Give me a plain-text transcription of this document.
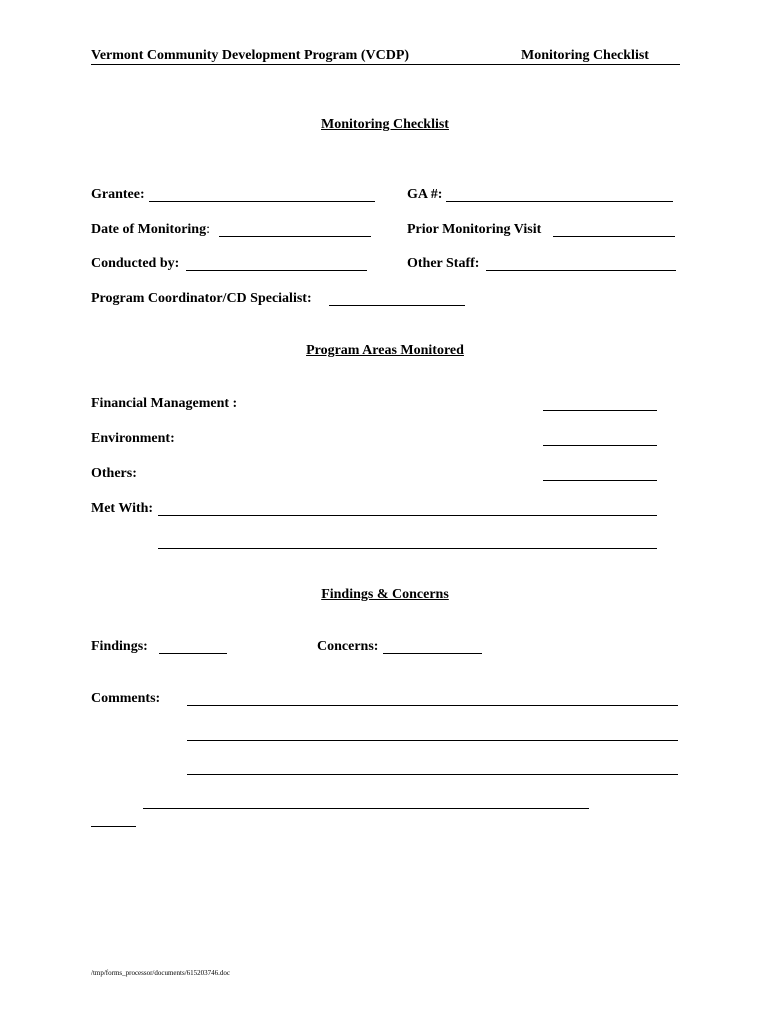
Vermont Community Development Program (VCDP)	Monitoring Checklist
Monitoring Checklist
Grantee:	GA #:
Date of Monitoring:	Prior Monitoring Visit
Conducted by:	Other Staff:
Program Coordinator/CD Specialist:
Program Areas Monitored
Financial Management :
Environment:
Others:
Met With:
Findings & Concerns
Findings:	Concerns:
Comments:
/tmp/forms_processor/documents/615203746.doc
